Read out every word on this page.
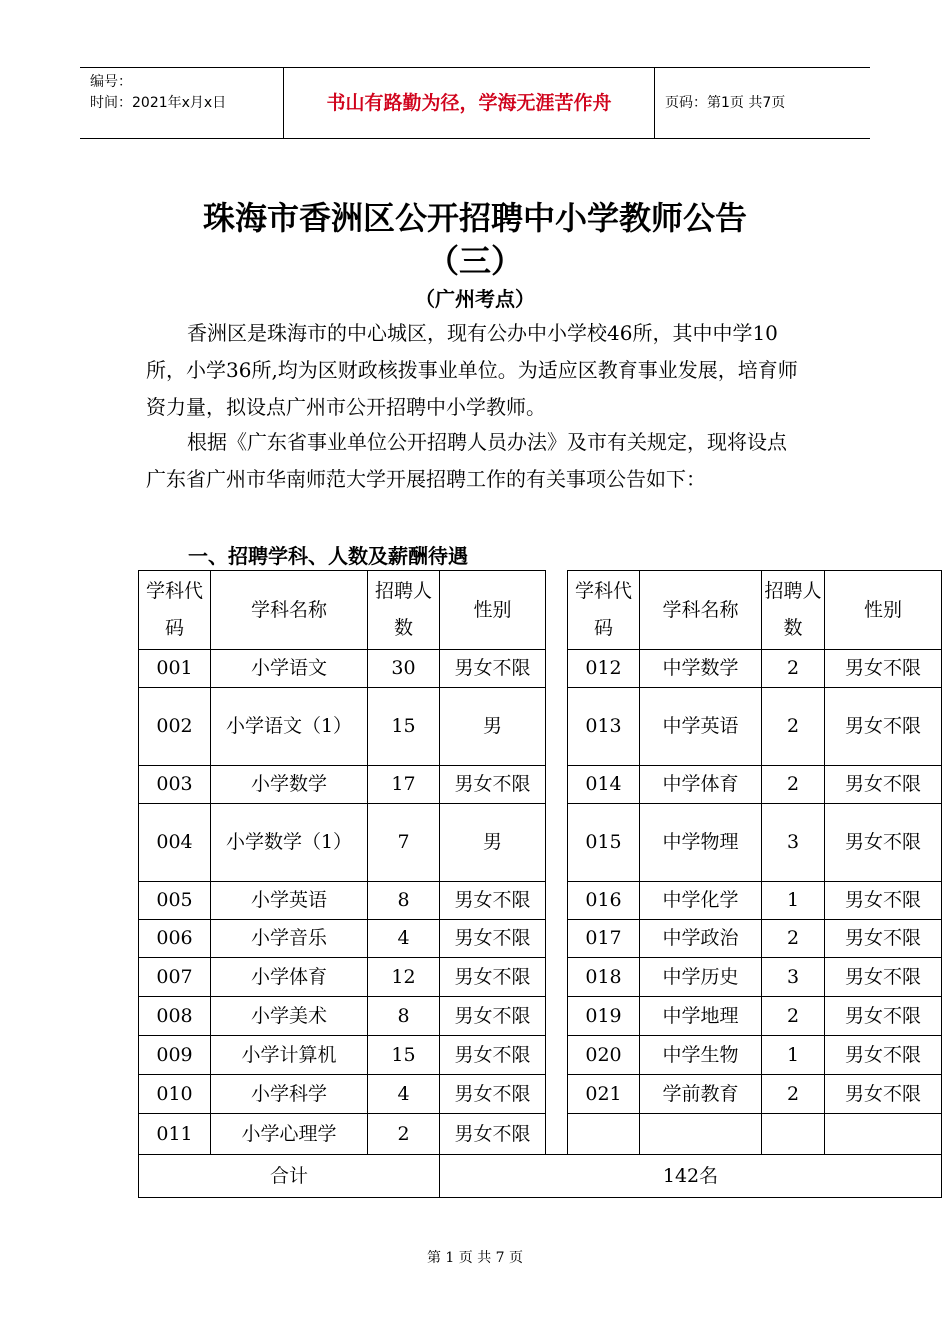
编号：
时间：2021年x月x日	书山有路勤为径，学海无涯苦作舟	页码：第1页 共7页
珠海市香洲区公开招聘中小学教师公告
（三）
（广州考点）

香洲区是珠海市的中心城区，现有公办中小学校46所，其中中学10所，小学36所,均为区财政核拨事业单位。为适应区教育事业发展，培育师资力量，拟设点广州市公开招聘中小学教师。

根据《广东省事业单位公开招聘人员办法》及市有关规定，现将设点广东省广州市华南师范大学开展招聘工作的有关事项公告如下：

一、招聘学科、人数及薪酬待遇
学科代码	学科名称	招聘人数	性别		学科代码	学科名称	招聘人数	性别
001	小学语文	30	男女不限		012	中学数学	2	男女不限
002	小学语文（1）	15	男		013	中学英语	2	男女不限
003	小学数学	17	男女不限		014	中学体育	2	男女不限
004	小学数学（1）	7	男		015	中学物理	3	男女不限
005	小学英语	8	男女不限		016	中学化学	1	男女不限
006	小学音乐	4	男女不限		017	中学政治	2	男女不限
007	小学体育	12	男女不限		018	中学历史	3	男女不限
008	小学美术	8	男女不限		019	中学地理	2	男女不限
009	小学计算机	15	男女不限		020	中学生物	1	男女不限
010	小学科学	4	男女不限		021	学前教育	2	男女不限
011	小学心理学	2	男女不限					
合计			142名					
第 1 页 共 7 页
